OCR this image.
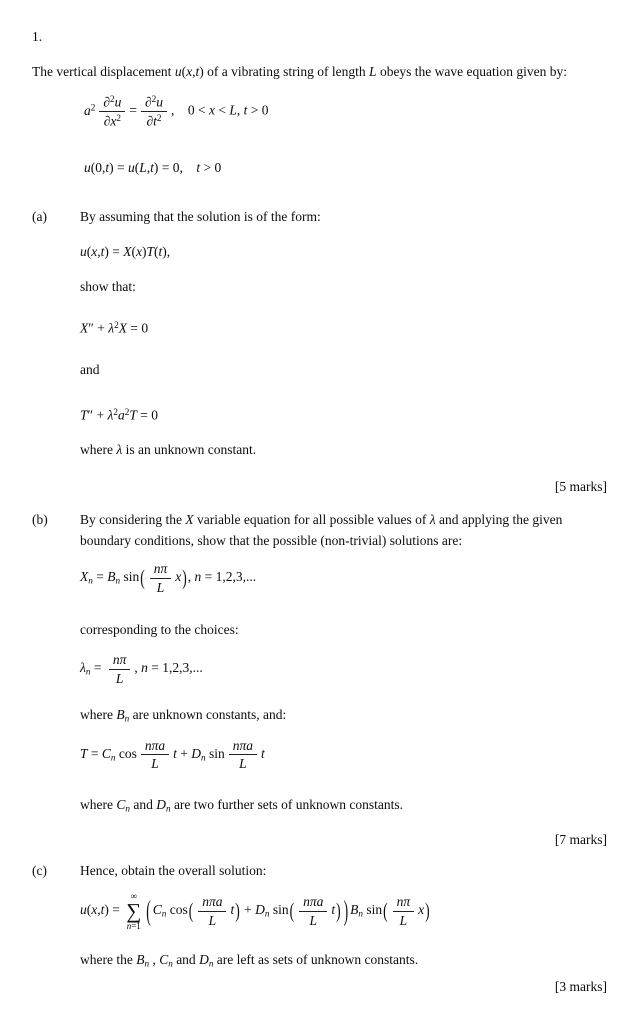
1.

The vertical displacement u(x,t) of a vibrating string of length L obeys the wave equation given by:

$a^2 \frac{\partial^2u}{\partial x^2} = \frac{\partial^2u}{\partial t^2}$ , 0 < x < L, t > 0
u(0,t) = u(L,t) = 0, t > 0
(a) By assuming that the solution is of the form:

u(x,t) = X(x)T(t),

show that:

$X'' + \lambda^2X = 0$

and

$T'' + \lambda^2a^2T = 0$

where λ is an unknown constant.

[5 marks]
(b) By considering the X variable equation for all possible values of λ and applying the given boundary conditions, show that the possible (non-trivial) solutions are:

$X_n = B_n$ $\sin( \frac{n\pi}{L} x)$, n = 1,2,3,...

corresponding to the choices:

$\lambda_n = \frac{n\pi}{L}$ , n = 1,2,3,...

where $B_n$ are unknown constants, and:

$T = C_n$ $\cos \frac{\text{nπa}}{L}$ $t + D_n$ $\sin \frac{\text{nπa}}{L}$ t

where $C_n$ and $D_n$ are two further sets of unknown constants.

[7 marks]
(c) Hence, obtain the overall solution:

u(x,t) =
∞
∑
n=1 ( $C_n$ $\cos( \frac{\text{nπa}}{L} t) + D_n$ $\sin( \frac{\text{nπa}}{L} t)$ ) $B_n$ $\sin( \frac{n\pi}{L} x)$

where the $B_n$ , $C_n$ and $D_n$ are left as sets of unknown constants.

[3 marks]
